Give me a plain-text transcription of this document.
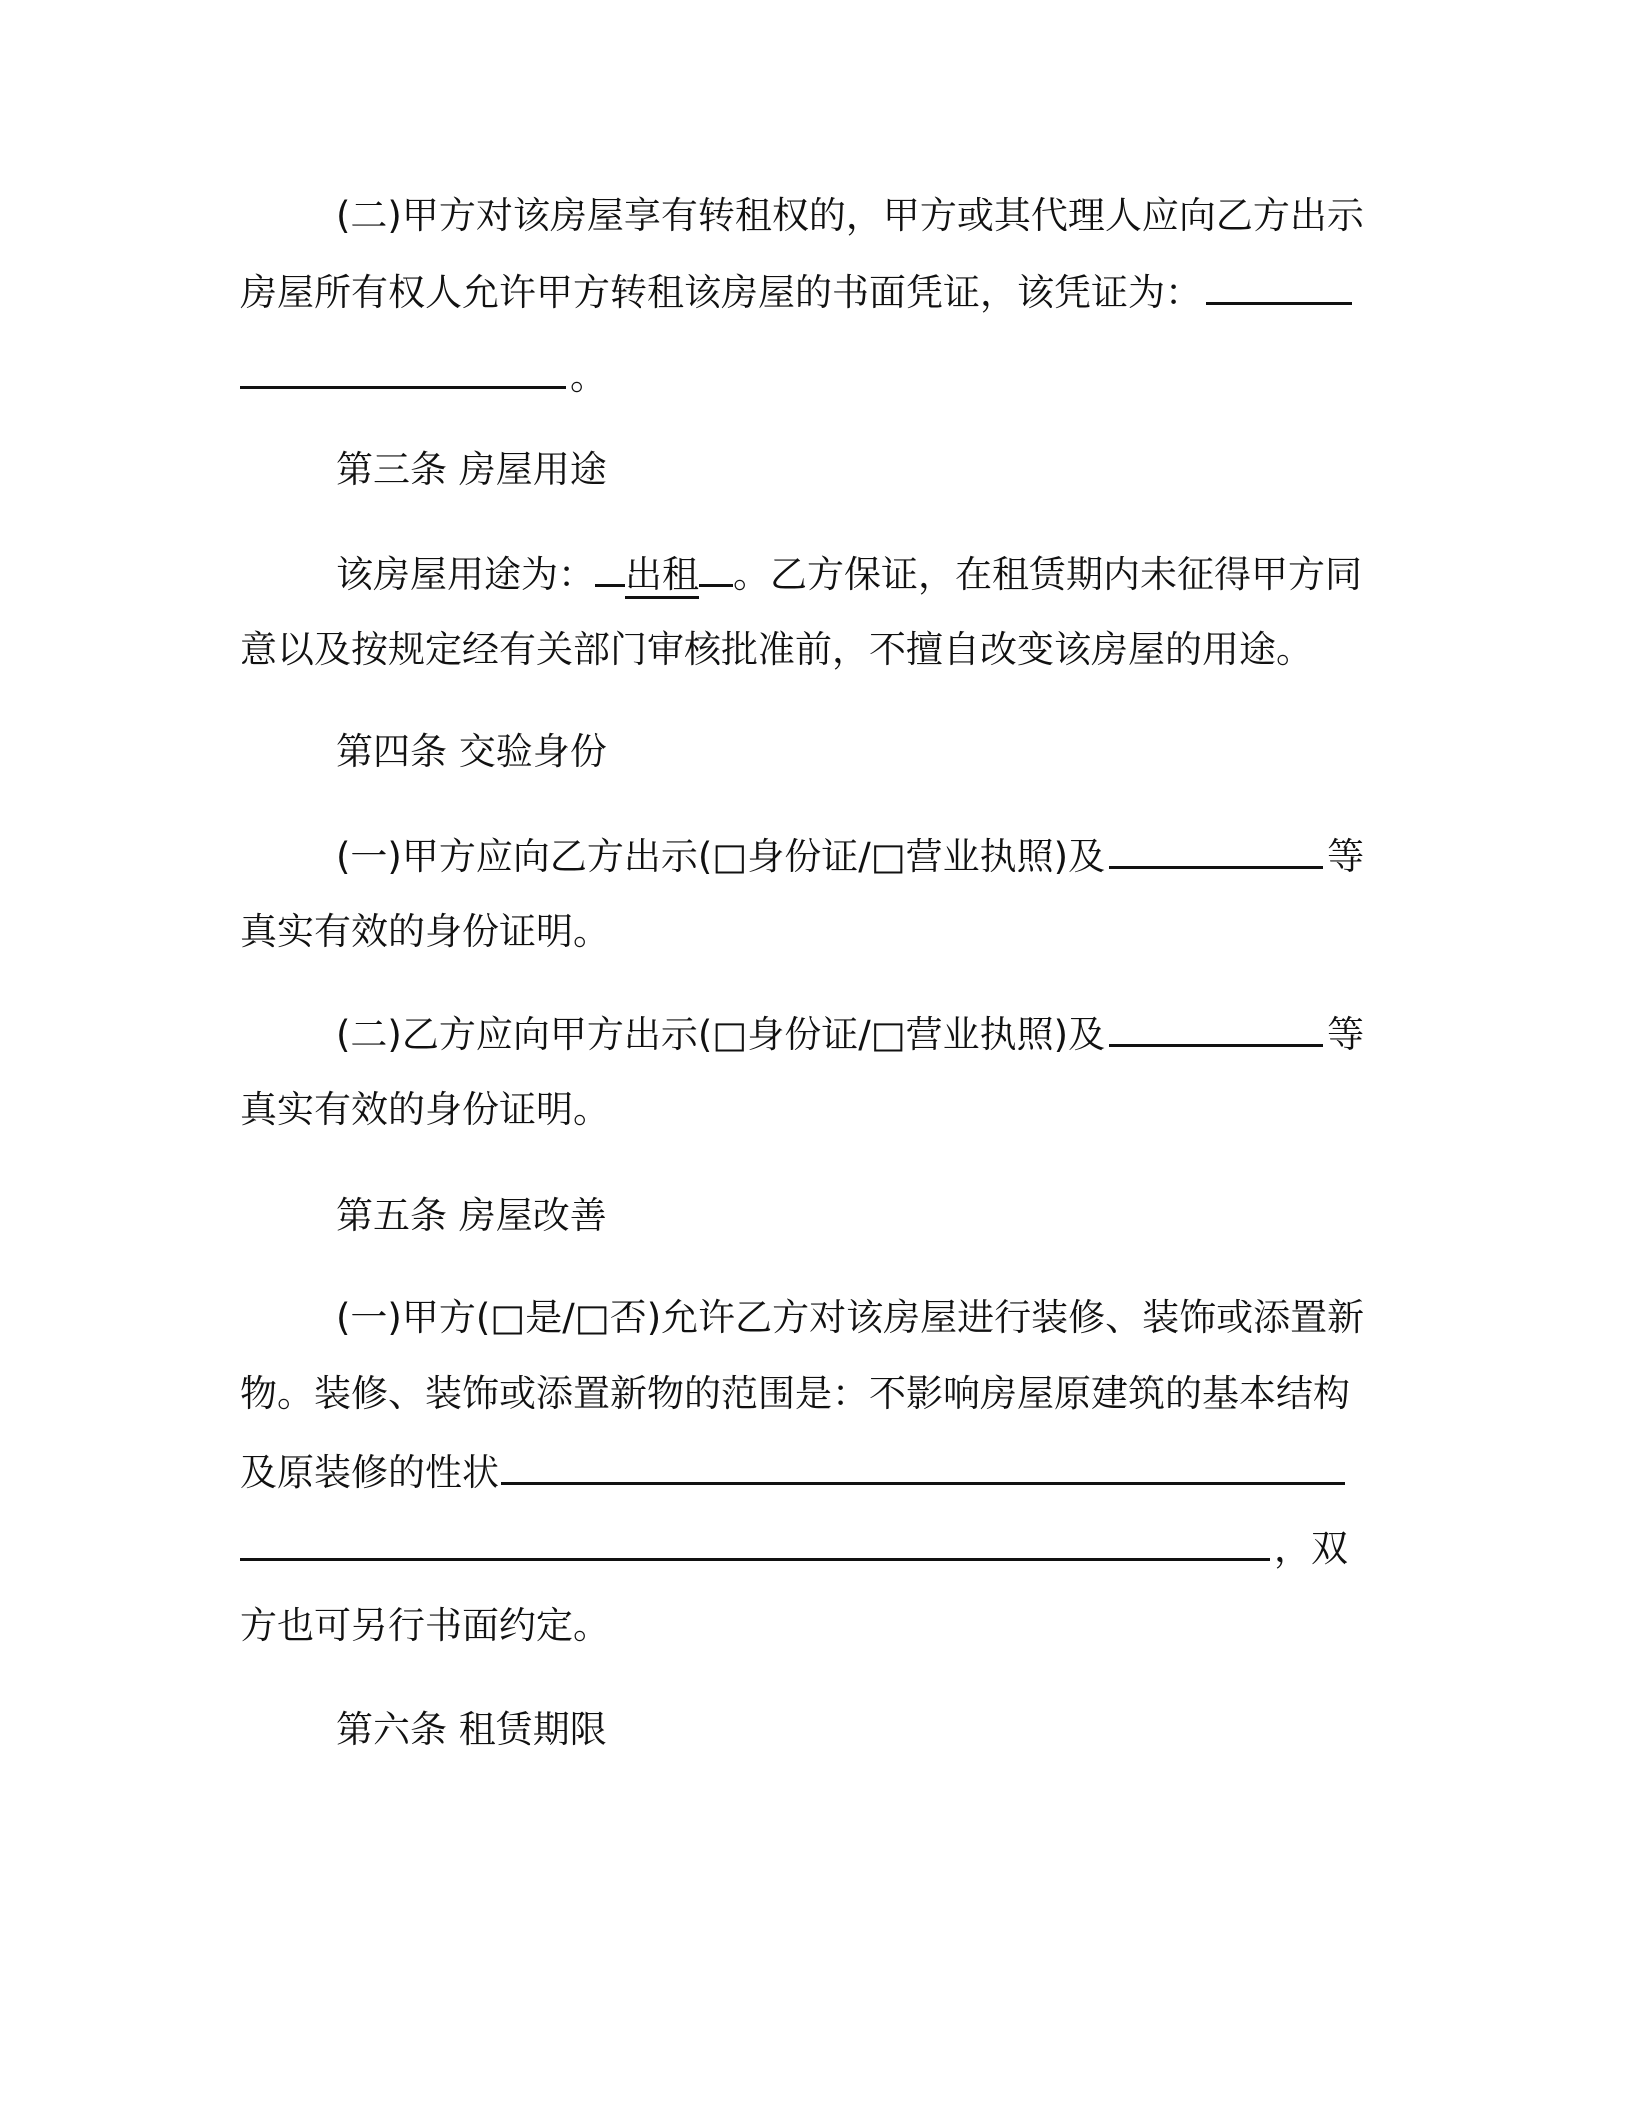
(二)甲方对该房屋享有转租权的，甲方或其代理人应向乙方出示
房屋所有权人允许甲方转租该房屋的书面凭证，该凭证为：
。
第三条 房屋用途
该房屋用途为： 出租 。乙方保证，在租赁期内未征得甲方同
意以及按规定经有关部门审核批准前，不擅自改变该房屋的用途。
第四条 交验身份
(一)甲方应向乙方出示(□身份证/□营业执照)及	等
真实有效的身份证明。
(二)乙方应向甲方出示(□身份证/□营业执照)及	等
真实有效的身份证明。
第五条 房屋改善
(一)甲方(□是/□否)允许乙方对该房屋进行装修、装饰或添置新
物。装修、装饰或添置新物的范围是：不影响房屋原建筑的基本结构
及原装修的性状
，双
方也可另行书面约定。
第六条 租赁期限
